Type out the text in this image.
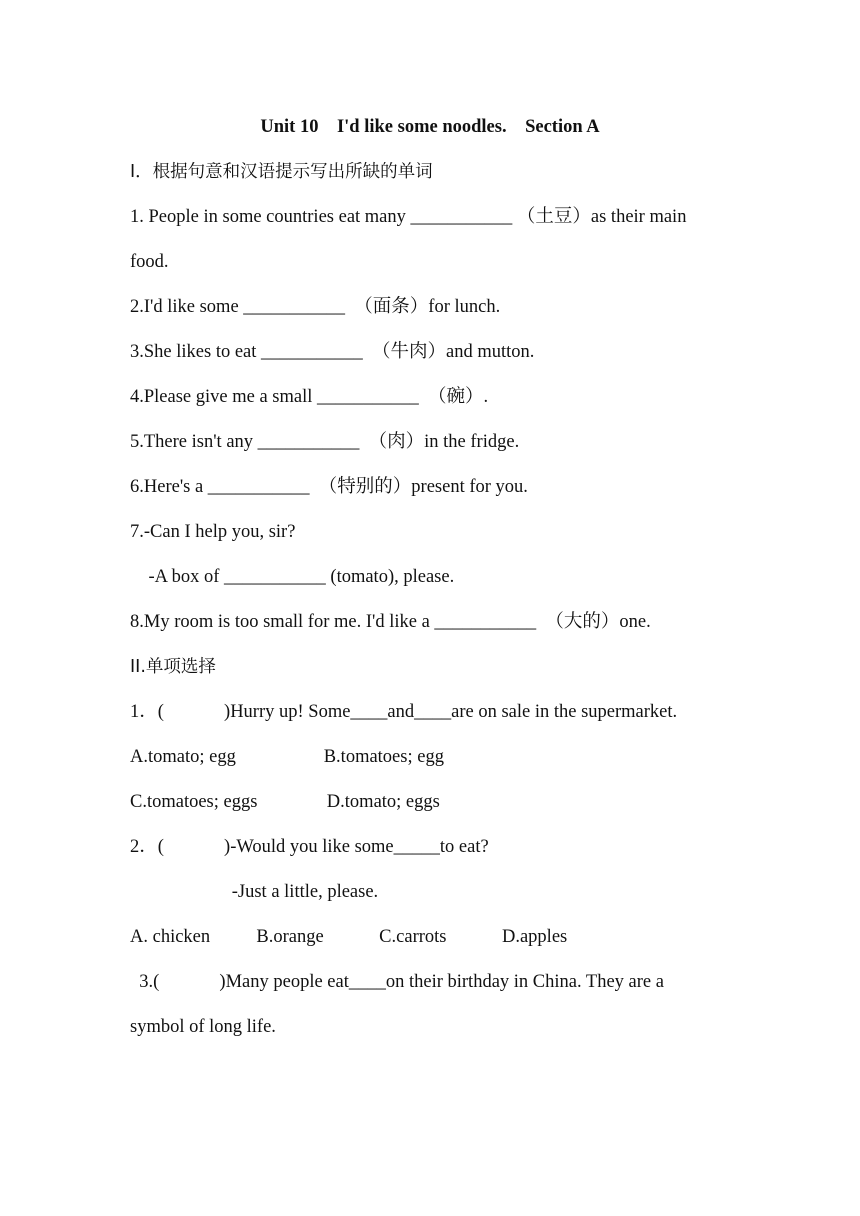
Unit 10    I'd like some noodles.    Section A
I．根据句意和汉语提示写出所缺的单词
1. People in some countries eat many ___________ （土豆）as their main
food.
2.I'd like some ___________  （面条）for lunch.
3.She likes to eat ___________  （牛肉）and mutton.
4.Please give me a small ___________  （碗）.
5.There isn't any ___________  （肉）in the fridge.
6.Here's a ___________  （特别的）present for you.
7.-Can I help you, sir?
-A box of ___________ (tomato), please.
8.My room is too small for me. I'd like a ___________  （大的）one.
II.单项选择
1．(             )Hurry up! Some____and____are on sale in the supermarket.
A.tomato; egg                   B.tomatoes; egg
C.tomatoes; eggs               D.tomato; eggs
2．(             )-Would you like some_____to eat?
-Just a little, please.
A. chicken          B.orange            C.carrots            D.apples
3.(             )Many people eat____on their birthday in China. They are a
symbol of long life.
